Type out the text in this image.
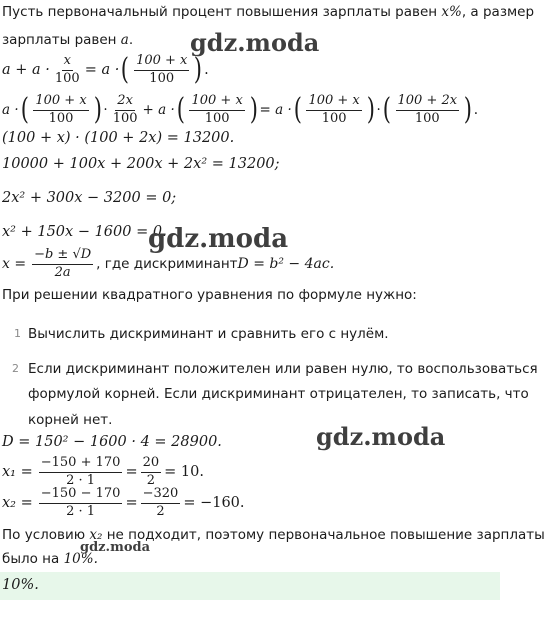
Пусть первоначальный процент повышения зарплаты равен x%, а размер
зарплаты равен a. gdz.moda
$a + a \cdot \frac{x}{100} = a$ · ( $\frac{100 + x}{100}$ ) .
a · ( $\frac{100 + x}{100}$ ) · $\frac{2x}{100} + a$ · ( $\frac{100 + x}{100}$ ) = a · ( $\frac{100 + x}{100}$ ) · ( $\frac{100 + 2x}{100}$ ) .
(100 + x) · (100 + 2x) = 13200.
10000 + 100x + 200x + 2x² = 13200;
2x² + 300x − 3200 = 0;
x² + 150x − 1600 = 0.
gdz.moda
$x = \frac{-b \pm √D}{2a}$ , где дискриминант D = b² − 4ac.
При решении квадратного уравнения по формуле нужно:
1 Вычислить дискриминант и сравнить его с нулём.
2 Если дискриминант положителен или равен нулю, то воспользоваться
формулой корней. Если дискриминант отрицателен, то записать, что
корней нет.
D = 150² − 1600 · 4 = 28900.	gdz.moda
$x_1 = \frac{-150 + 170}{2 \cdot 1} = \frac{20}{2} = 10$.
$x_2 = \frac{-150 - 170}{2 \cdot 1} = \frac{-320}{2} = -160$.
По условию x₂ не подходит, поэтому первоначальное повышение зарплаты
было на 10%.
gdz.moda
10%.
